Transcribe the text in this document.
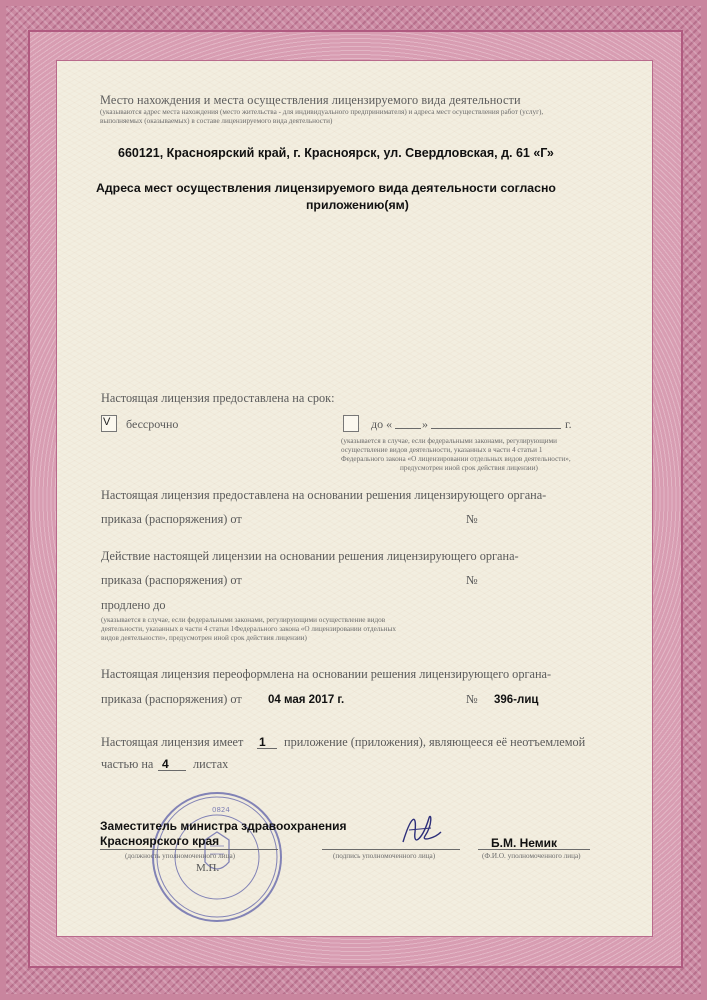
Место нахождения и места осуществления лицензируемого вида деятельности
(указываются адрес места нахождения (место жительства - для индивидуального предпринимателя) и адреса мест осуществления работ (услуг),
выполняемых (оказываемых) в составе лицензируемого вида деятельности)
660121, Красноярский край, г. Красноярск, ул. Свердловская, д. 61 «Г»
Адреса мест осуществления лицензируемого вида деятельности согласно
приложению(ям)
Настоящая лицензия предоставлена на срок:
V бессрочно	до « »	г.
(указывается в случае, если федеральными законами, регулирующими
осуществление видов деятельности, указанных в части 4 статьи 1
Федерального закона «О лицензировании отдельных видов деятельности»,
предусмотрен иной срок действия лицензии)
Настоящая лицензия предоставлена на основании решения лицензирующего органа-
приказа (распоряжения) от	№
Действие настоящей лицензии на основании решения лицензирующего органа-
приказа (распоряжения) от	№
продлено до
(указывается в случае, если федеральными законами, регулирующими осуществление видов
деятельности, указанных в части 4 статьи 1Федерального закона «О лицензировании отдельных
видов деятельности», предусмотрен иной срок действия лицензии)
Настоящая лицензия переоформлена на основании решения лицензирующего органа-
приказа (распоряжения) от 04 мая 2017 г.	№ 396-лиц
Настоящая лицензия имеет 1 приложение (приложения), являющееся её неотъемлемой
частью на 4 листах
0824
Заместитель министра здравоохранения
Красноярского края
(должность уполномоченного лица)	(подпись уполномоченного лица)
Б.М. Немик
(Ф.И.О. уполномоченного лица)
М.П.
